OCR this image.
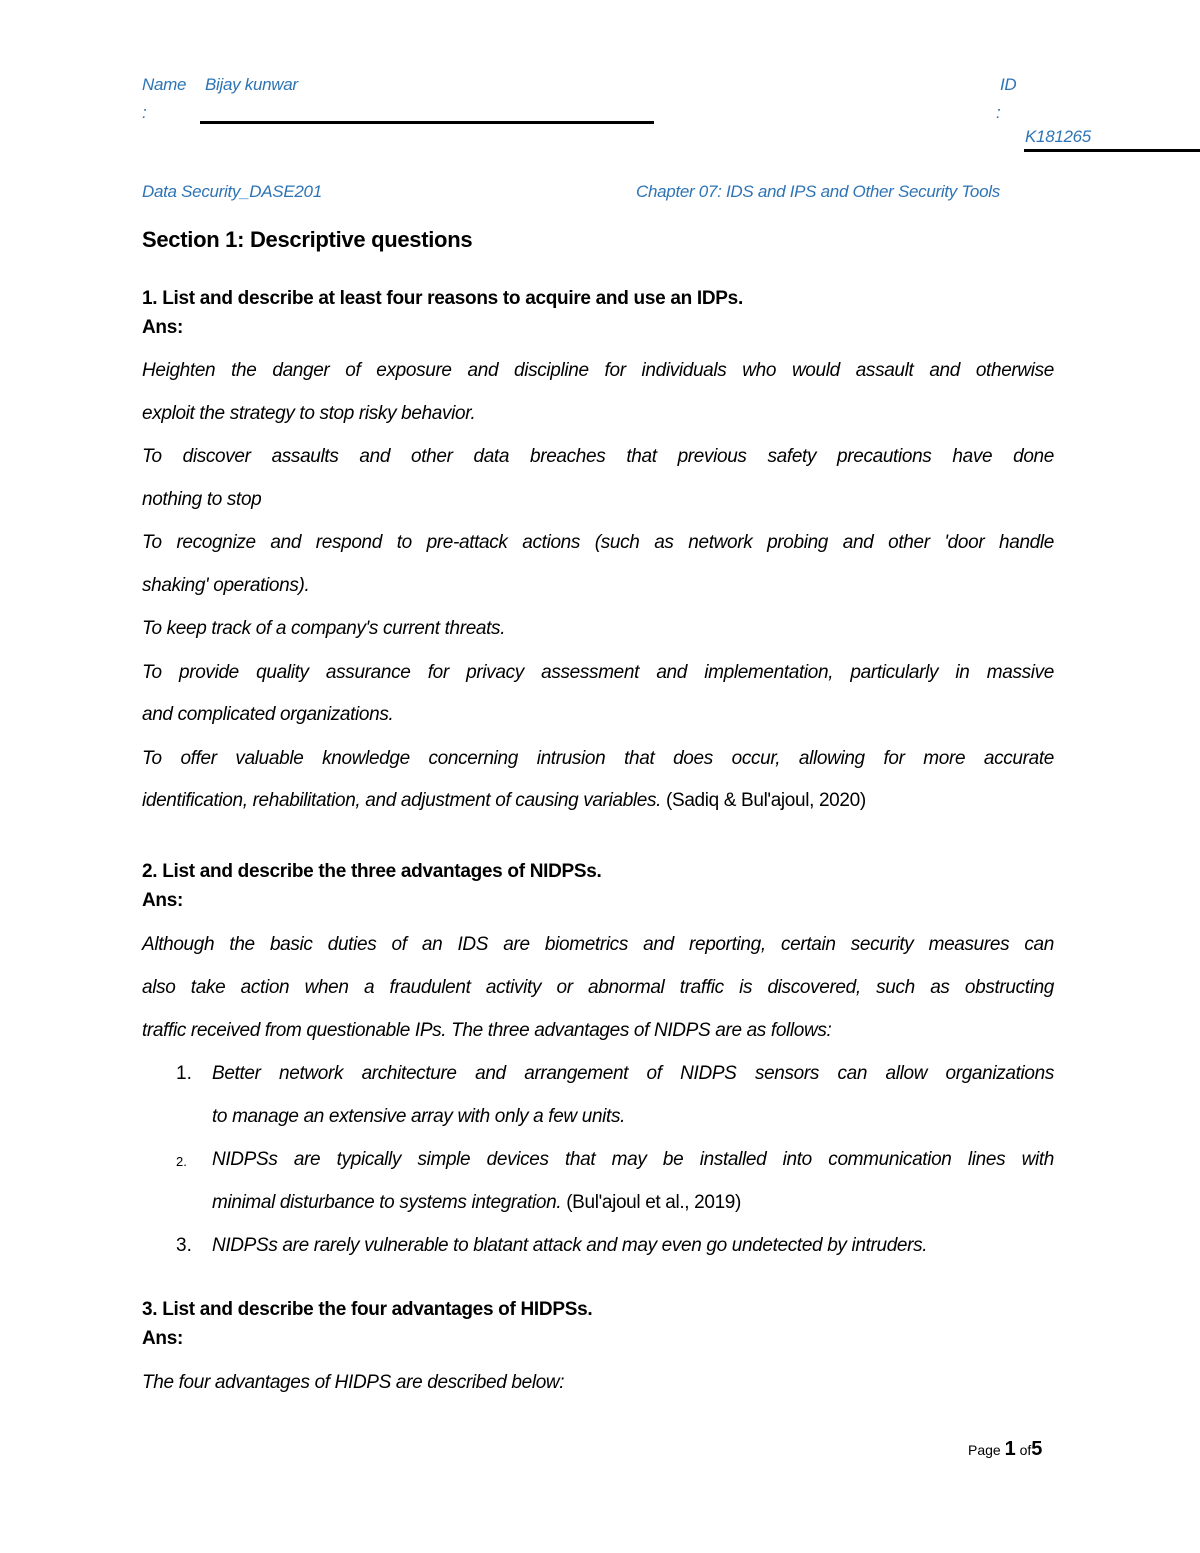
Name Bijay kunwar
:
ID
:
K181265
Data Security_DASE201	Chapter 07: IDS and IPS and Other Security Tools
Section 1: Descriptive questions
1. List and describe at least four reasons to acquire and use an IDPs.
Ans:
Heighten the danger of exposure and discipline for individuals who would assault and otherwise
exploit the strategy to stop risky behavior.
To discover assaults and other data breaches that previous safety precautions have done
nothing to stop
To recognize and respond to pre-attack actions (such as network probing and other 'door handle
shaking' operations).
To keep track of a company's current threats.
To provide quality assurance for privacy assessment and implementation, particularly in massive
and complicated organizations.
To offer valuable knowledge concerning intrusion that does occur, allowing for more accurate
identification, rehabilitation, and adjustment of causing variables. (Sadiq & Bul'ajoul, 2020)
2. List and describe the three advantages of NIDPSs.
Ans:
Although the basic duties of an IDS are biometrics and reporting, certain security measures can
also take action when a fraudulent activity or abnormal traffic is discovered, such as obstructing
traffic received from questionable IPs. The three advantages of NIDPS are as follows:
1. Better network architecture and arrangement of NIDPS sensors can allow organizations
to manage an extensive array with only a few units.
2. NIDPSs are typically simple devices that may be installed into communication lines with
minimal disturbance to systems integration. (Bul'ajoul et al., 2019)
3. NIDPSs are rarely vulnerable to blatant attack and may even go undetected by intruders.
3. List and describe the four advantages of HIDPSs.
Ans:
The four advantages of HIDPS are described below:
Page 1 of5
